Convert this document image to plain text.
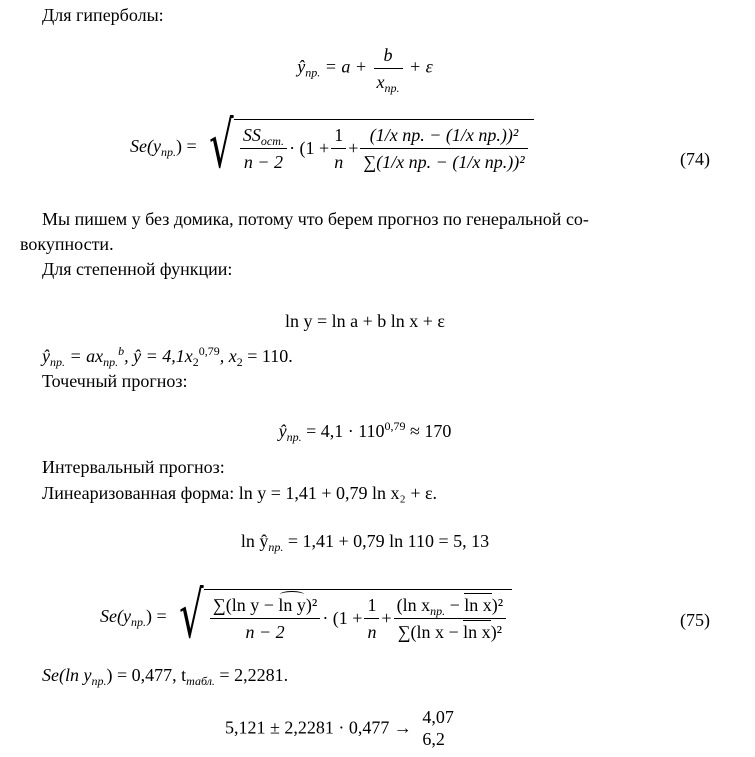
Для гиперболы:
$ŷ_{пр.} = a + \frac{b}{x_{пр.}} + \varepsilon$
$Se(y_{пр.})$ = √ $\frac{SS_{ост.}}{n - 2} \cdot (1 + \frac{1}{n} + \frac{\text{(1/x пр. − (1/x пр.))²}}{\text{∑(1/x пр. − (1/x пр.))²}}$	(74)
Мы пишем y без домика, потому что берем прогноз по генеральной со-
вокупности.
Для степенной функции:
ln y = ln a + b ln x + ε
$ŷ_{пр.} = ax_{пр.}^b$, ŷ = $4,1x_2^{0,79}$, $x_2 = 110$.
Точечный прогноз:
$ŷ_{пр.} = 4,1 \cdot 110^{0,79} \approx 170$
Интервальный прогноз:
Линеаризованная форма: ln y = 1,41 + 0,79 ln x₂ + ε.
$\ln ŷ_{пр.} = 1,41 + 0,79$ ln 110 = 5, 13
$Se(y_{пр.})$ = √ $\frac{\text{∑(ln y − ln y)²}}{n - 2} \cdot (1 + \frac{1}{n} + \frac{(\ln x_{пр.} - \ln x)^2}{\text{∑(ln x − ln x)²}}$	(75)
Se(ln $y_{пр.}) = 0,477$, $t_{табл.} = 2,2281$.
5,121 ± 2,2281 · 0,477 →
4,07
6,2
